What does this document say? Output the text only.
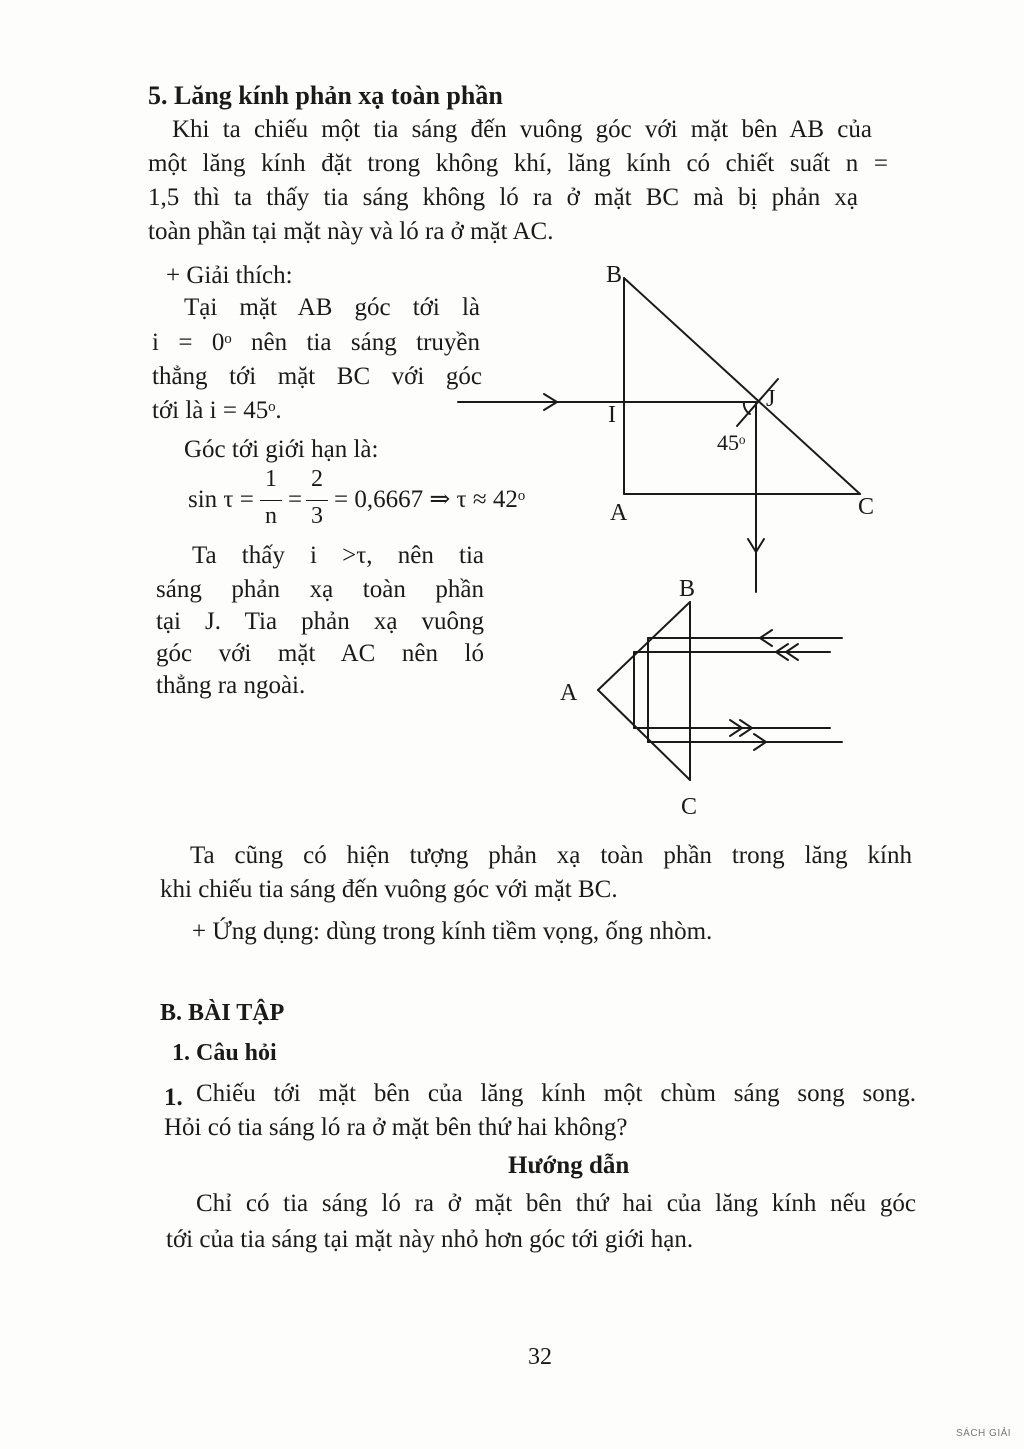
5. Lăng kính phản xạ toàn phần
Khi ta chiếu một tia sáng đến vuông góc với mặt bên AB của
một lăng kính đặt trong không khí, lăng kính có chiết suất n =
1,5 thì ta thấy tia sáng không ló ra ở mặt BC mà bị phản xạ
toàn phần tại mặt này và ló ra ở mặt AC.
+ Giải thích:
Tại mặt AB góc tới là
i = 0ᵒ nên tia sáng truyền
thẳng tới mặt BC với góc
tới là i = 45ᵒ.
Góc tới giới hạn là:
sin τ =
1
n
=
2
3
= 0,6667 ⇒ τ ≈ 42ᵒ
Ta thấy i >τ, nên tia
sáng phản xạ toàn phần
tại J. Tia phản xạ vuông
góc với mặt AC nên ló
thẳng ra ngoài.
B
I
J
45ᵒ
A	C
B
A
C
Ta cũng có hiện tượng phản xạ toàn phần trong lăng kính
khi chiếu tia sáng đến vuông góc với mặt BC.
+ Ứng dụng: dùng trong kính tiềm vọng, ống nhòm.
B. BÀI TẬP
1. Câu hỏi
1. Chiếu tới mặt bên của lăng kính một chùm sáng song song.
Hỏi có tia sáng ló ra ở mặt bên thứ hai không?
Hướng dẫn
Chỉ có tia sáng ló ra ở mặt bên thứ hai của lăng kính nếu góc
tới của tia sáng tại mặt này nhỏ hơn góc tới giới hạn.
32
SÁCH GIẢI
